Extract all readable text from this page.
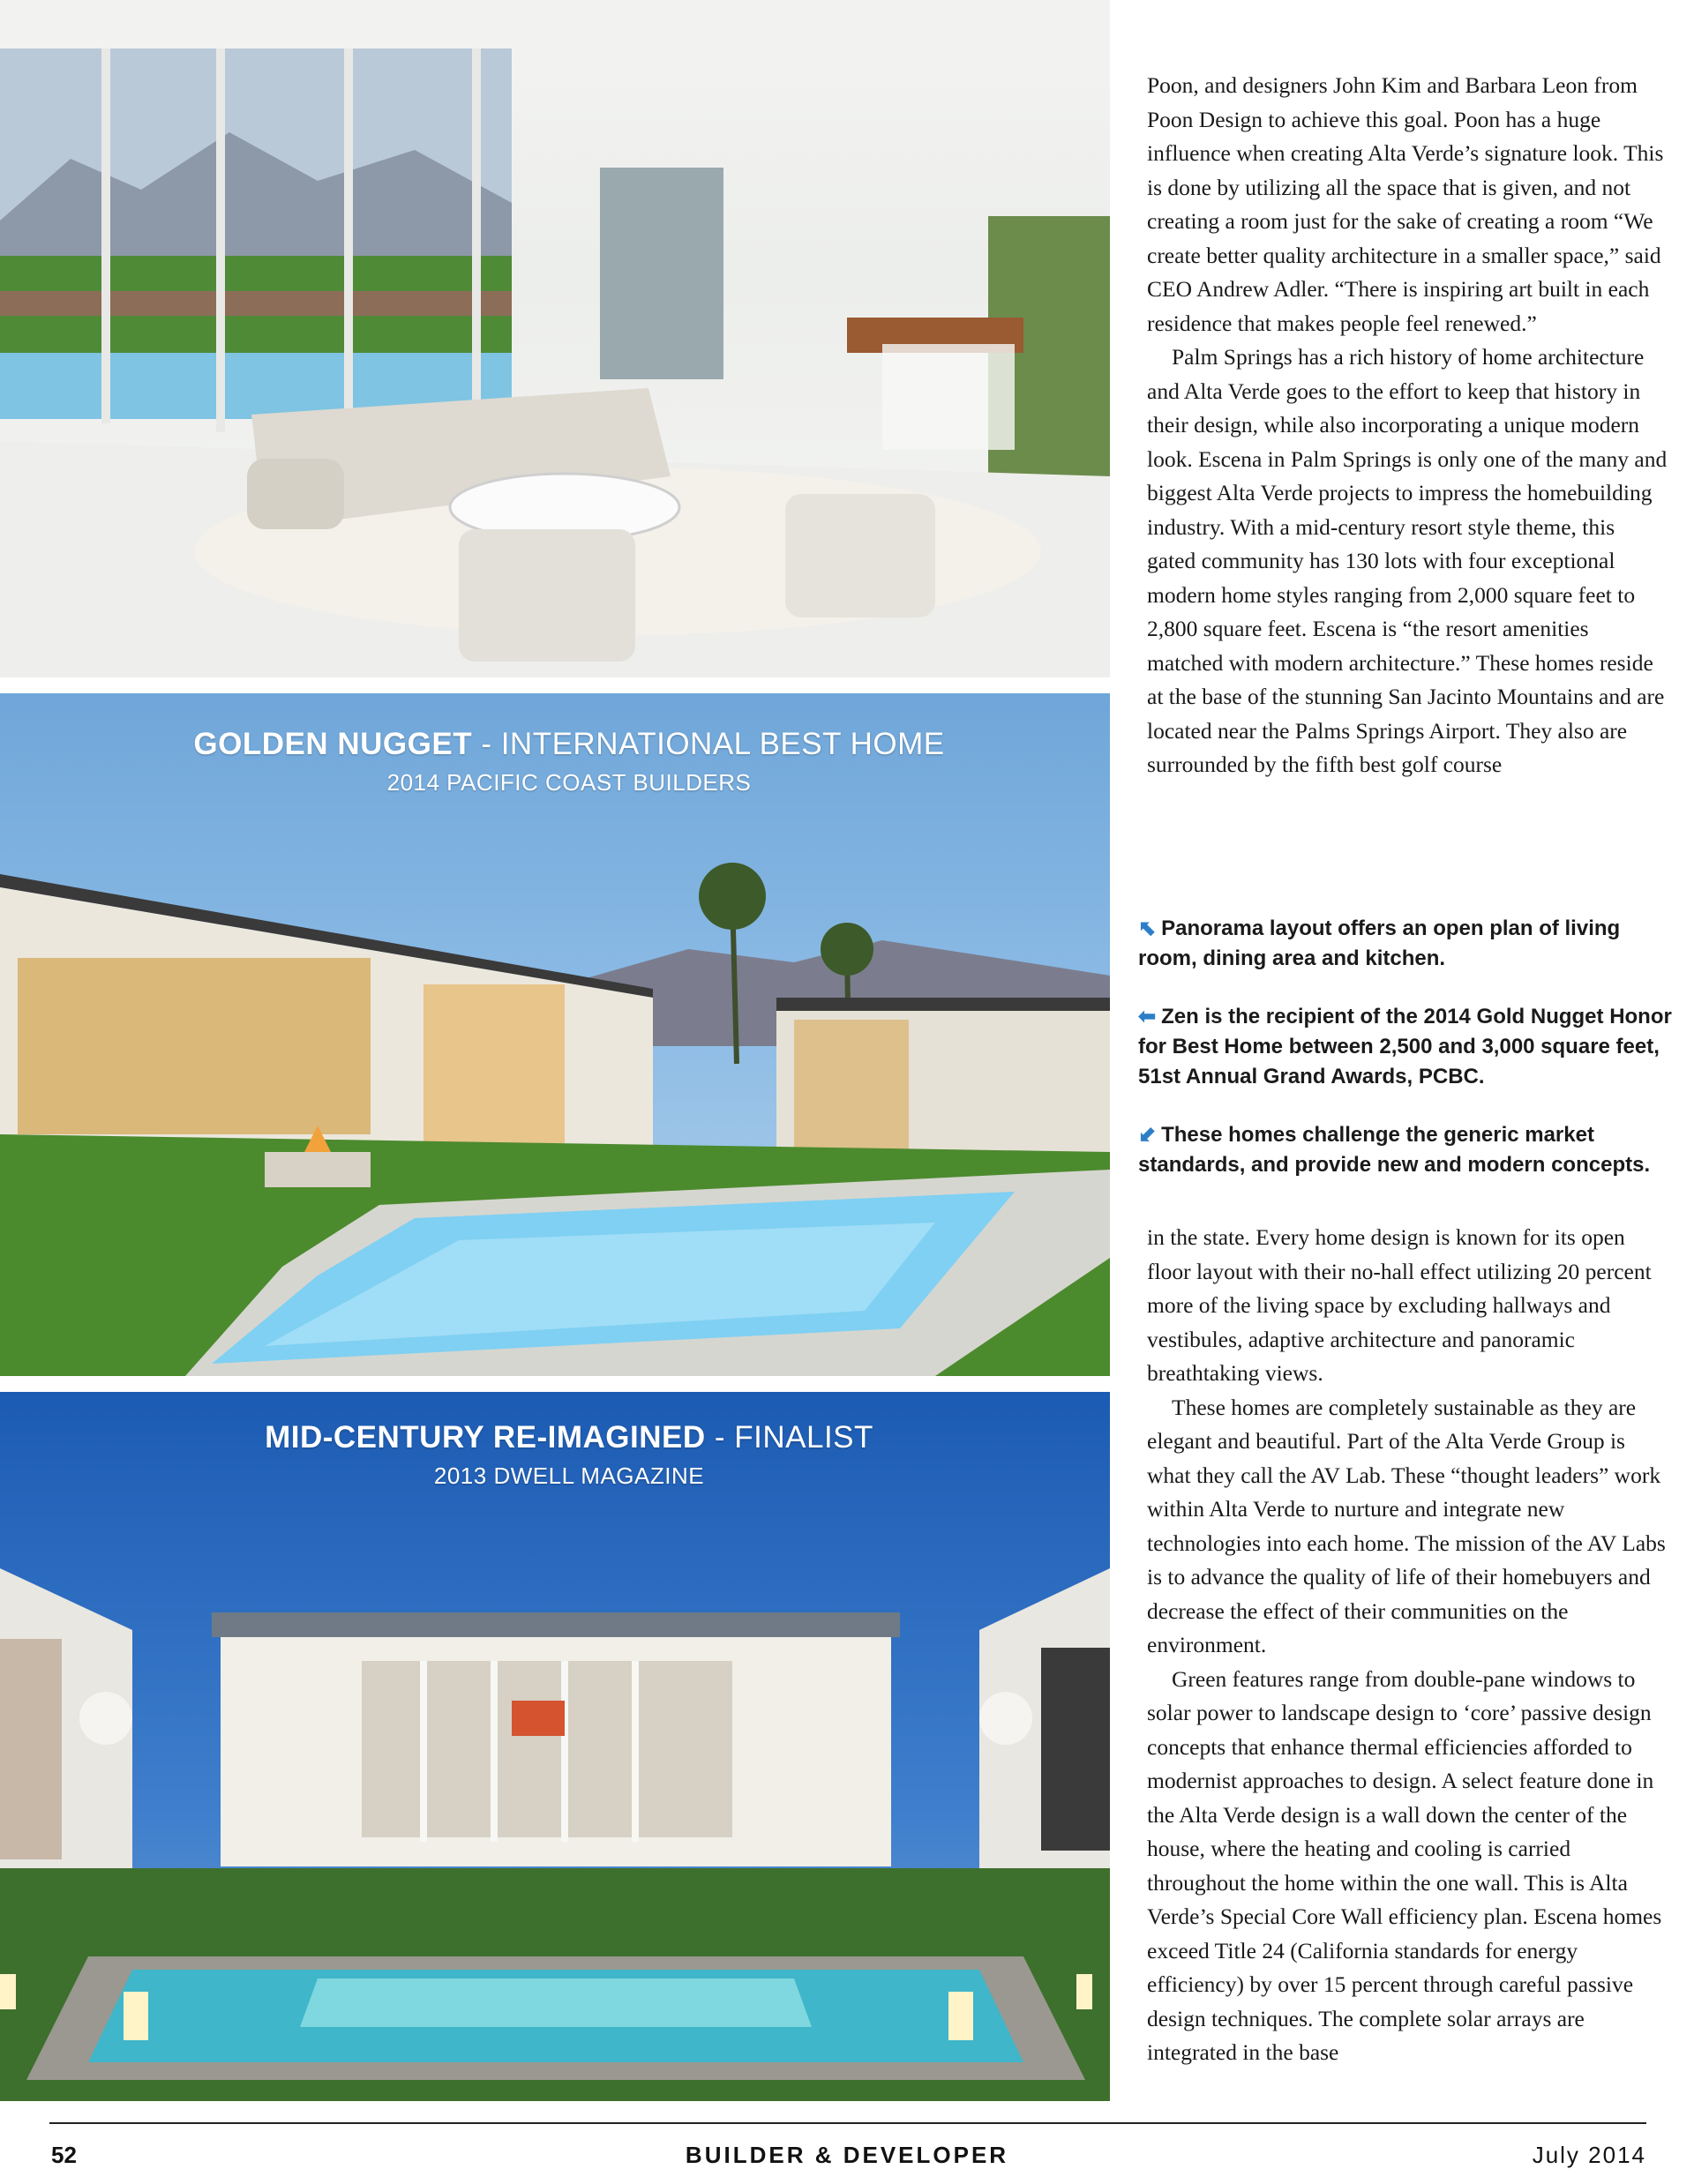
GOLDEN NUGGET - INTERNATIONAL BEST HOME
2014 PACIFIC COAST BUILDERS
MID-CENTURY RE-IMAGINED - FINALIST
2013 DWELL MAGAZINE

Poon, and designers John Kim and Barbara Leon from Poon Design to achieve this goal. Poon has a huge influence when creating Alta Verde’s signature look. This is done by utilizing all the space that is given, and not creating a room just for the sake of creating a room “We create better quality architecture in a smaller space,” said CEO Andrew Adler. “There is inspiring art built in each residence that makes people feel renewed.”

Palm Springs has a rich history of home architecture and Alta Verde goes to the effort to keep that history in their design, while also incorporating a unique modern look. Escena in Palm Springs is only one of the many and biggest Alta Verde projects to impress the homebuilding industry. With a mid-century resort style theme, this gated community has 130 lots with four exceptional modern home styles ranging from 2,000 square feet to 2,800 square feet. Escena is “the resort amenities matched with modern architecture.” These homes reside at the base of the stunning San Jacinto Mountains and are located near the Palms Springs Airport. They also are surrounded by the fifth best golf course

⬉ Panorama layout offers an open plan of living room, dining area and kitchen.

⬅ Zen is the recipient of the 2014 Gold Nugget Honor for Best Home between 2,500 and 3,000 square feet, 51st Annual Grand Awards, PCBC.

⬋ These homes challenge the generic market standards, and provide new and modern concepts.

in the state. Every home design is known for its open floor layout with their no-hall effect utilizing 20 percent more of the living space by excluding hallways and vestibules, adaptive architecture and panoramic breathtaking views.

These homes are completely sustainable as they are elegant and beautiful. Part of the Alta Verde Group is what they call the AV Lab. These “thought leaders” work within Alta Verde to nurture and integrate new technologies into each home. The mission of the AV Labs is to advance the quality of life of their homebuyers and decrease the effect of their communities on the environment.

Green features range from double-pane windows to solar power to landscape design to ‘core’ passive design concepts that enhance thermal efficiencies afforded to modernist approaches to design. A select feature done in the Alta Verde design is a wall down the center of the house, where the heating and cooling is carried throughout the home within the one wall. This is Alta Verde’s Special Core Wall efficiency plan. Escena homes exceed Title 24 (California standards for energy efficiency) by over 15 percent through careful passive design techniques. The complete solar arrays are integrated in the base

52	BUILDER & DEVELOPER	July 2014
